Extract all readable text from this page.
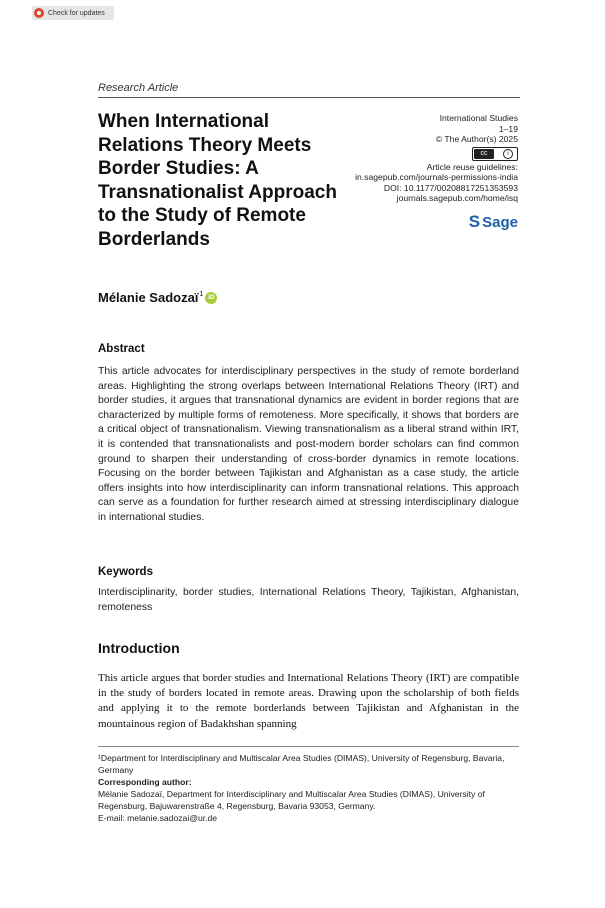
Check for updates
Research Article
When International Relations Theory Meets Border Studies: A Transnationalist Approach to the Study of Remote Borderlands
International Studies
1–19
© The Author(s) 2025
cc	i
Article reuse guidelines:
in.sagepub.com/journals-permissions-india
DOI: 10.1177/00208817251353593
journals.sagepub.com/home/isq
S Sage
Mélanie Sadozaï$^1$ iD
Abstract

This article advocates for interdisciplinary perspectives in the study of remote borderland areas. Highlighting the strong overlaps between International Relations Theory (IRT) and border studies, it argues that transnational dynamics are evident in border regions that are characterized by multiple forms of remoteness. More specifically, it shows that borders are a critical object of transnationalism. Viewing transnationalism as a liberal strand within IRT, it is contended that transnationalists and post-modern border scholars can find common ground to sharpen their understanding of cross-border dynamics in remote locations. Focusing on the border between Tajikistan and Afghanistan as a case study, the article offers insights into how interdisciplinarity can inform transnational relations. This approach can serve as a foundation for further research aimed at stressing interdisciplinary dialogue in international studies.

Keywords

Interdisciplinarity, border studies, International Relations Theory, Tajikistan, Afghanistan, remoteness

Introduction

This article argues that border studies and International Relations Theory (IRT) are compatible in the study of borders located in remote areas. Drawing upon the scholarship of both fields and applying it to the remote borderlands between Tajikistan and Afghanistan in the mountainous region of Badakhshan spanning

¹Department for Interdisciplinary and Multiscalar Area Studies (DIMAS), University of Regensburg, Bavaria, Germany

Corresponding author:

Mélanie Sadozaï, Department for Interdisciplinary and Multiscalar Area Studies (DIMAS), University of Regensburg, Bajuwarenstraße 4, Regensburg, Bavaria 93053, Germany.

E-mail: melanie.sadozai@ur.de
